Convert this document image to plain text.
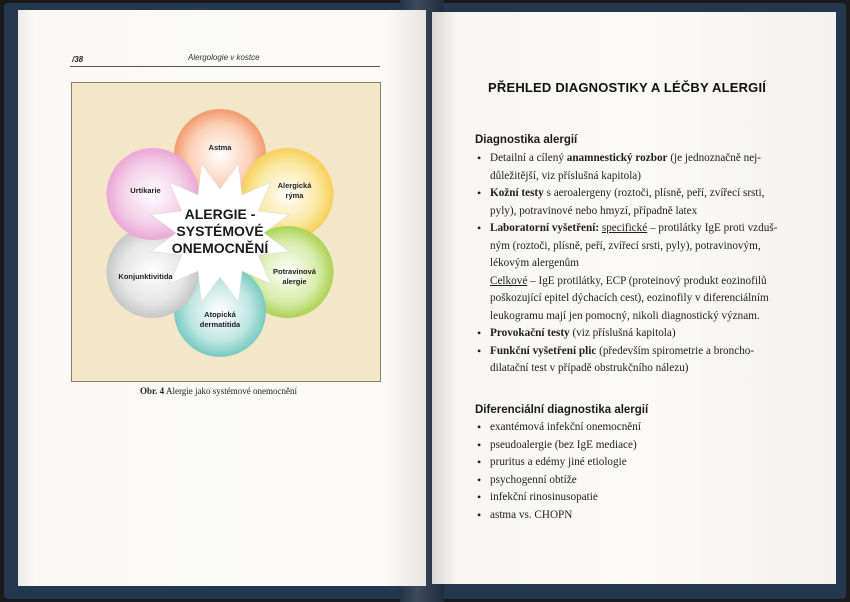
/38	Alergologie v kostce
ALERGIE -
SYSTÉMOVÉ
ONEMOCNĚNÍ
Astma
Alergická
rýma
Potravinová
alergie
Atopická
dermatitida
Konjunktivitida
Urtikarie
Obr. 4 Alergie jako systémové onemocnění
PŘEHLED DIAGNOSTIKY A LÉČBY ALERGIÍ
Diagnostika alergií
• Detailní a cílený anamnestický rozbor (je jednoznačně nej-
důležitější, viz příslušná kapitola)
• Kožní testy s aeroalergeny (roztoči, plísně, peří, zvířecí srsti,
pyly), potravinové nebo hmyzí, případně latex
• Laboratorní vyšetření: specifické – protilátky IgE proti vzduš-
ným (roztoči, plísně, peří, zvířecí srsti, pyly), potravinovým,
lékovým alergenům
Celkové – IgE protilátky, ECP (proteinový produkt eozinofilů
poškozující epitel dýchacích cest), eozinofily v diferenciálním
leukogramu mají jen pomocný, nikoli diagnostický význam.
• Provokační testy (viz příslušná kapitola)
• Funkční vyšetření plic (především spirometrie a broncho-
dilatační test v případě obstrukčního nálezu)
Diferenciální diagnostika alergií
• exantémová infekční onemocnění
• pseudoalergie (bez IgE mediace)
• pruritus a edémy jiné etiologie
• psychogenní obtíže
• infekční rinosinusopatie
• astma vs. CHOPN
